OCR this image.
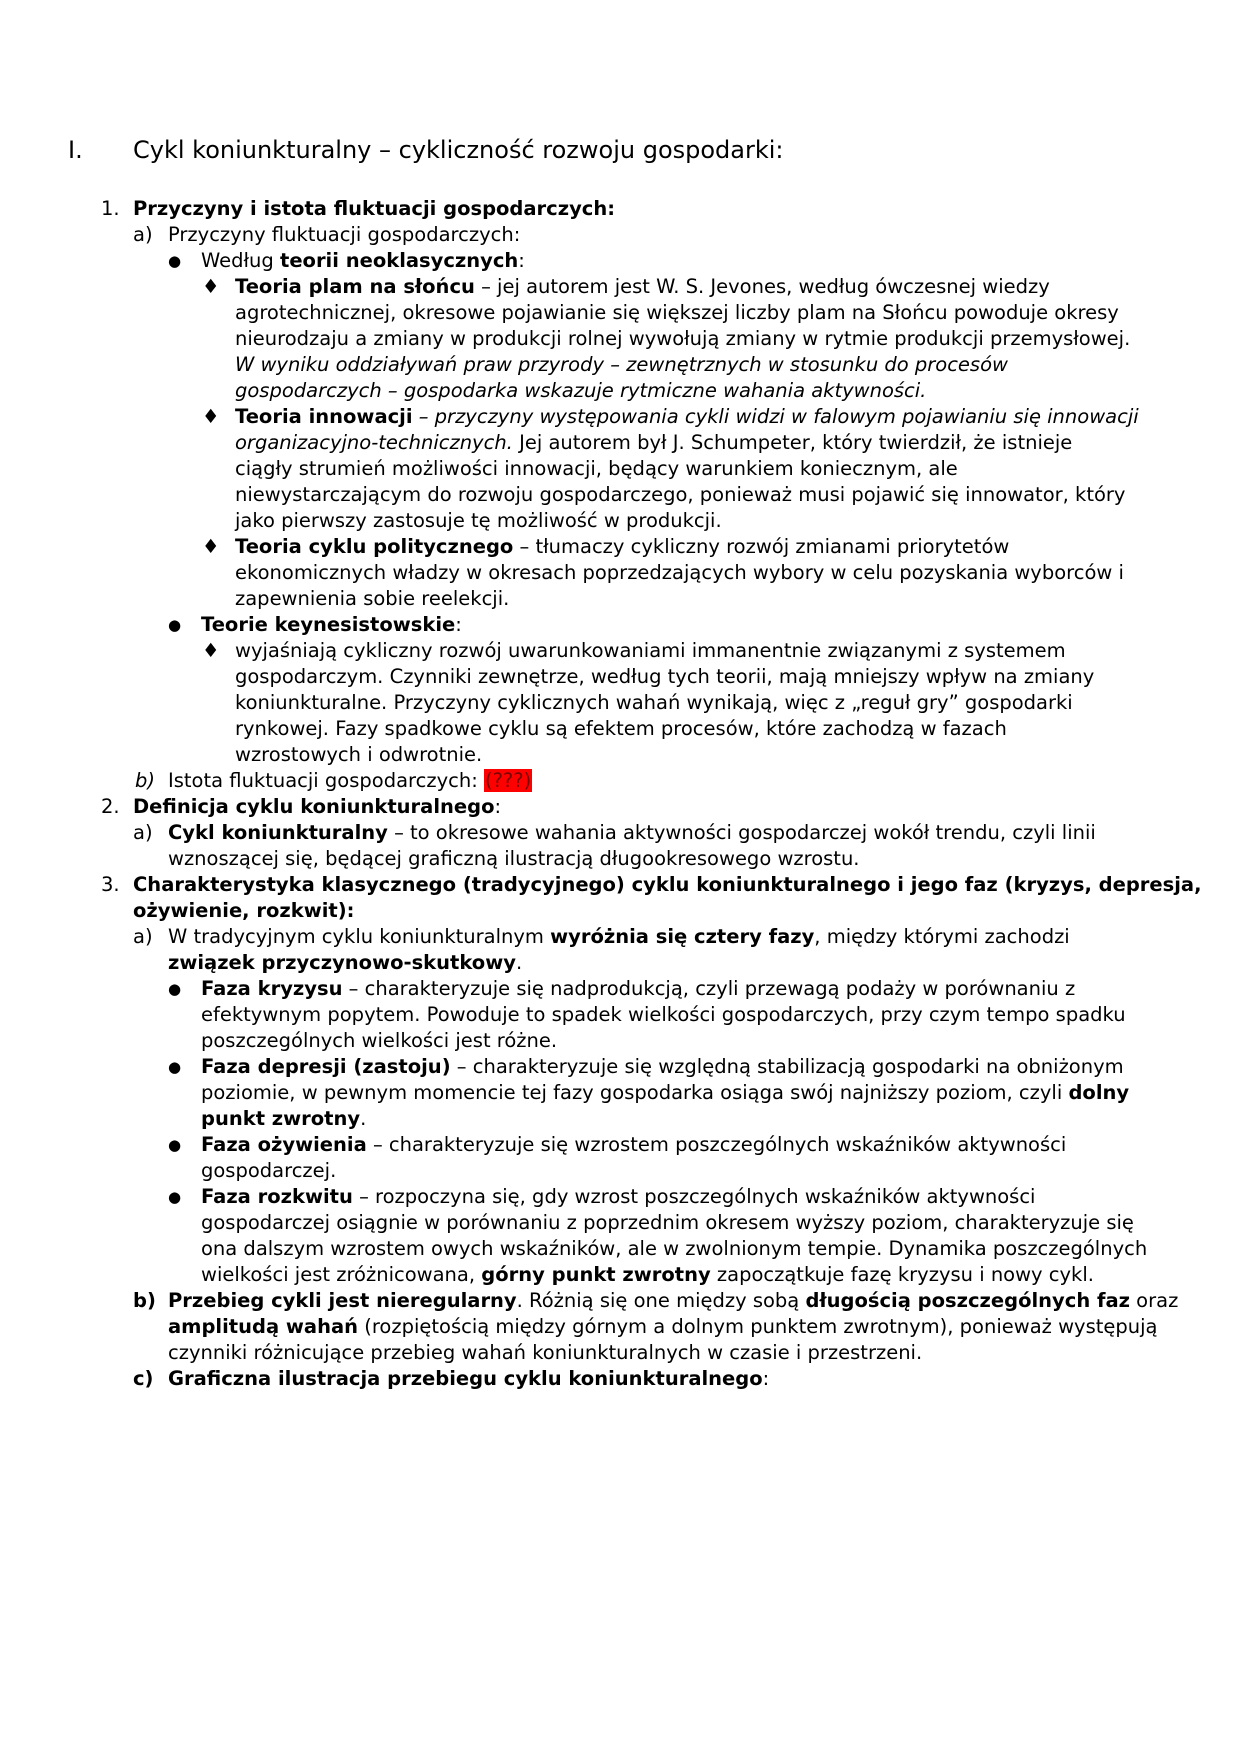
I. Cykl koniunkturalny – cykliczność rozwoju gospodarki:
1. Przyczyny i istota fluktuacji gospodarczych:
a) Przyczyny fluktuacji gospodarczych:
● Według teorii neoklasycznych:
♦ Teoria plam na słońcu – jej autorem jest W. S. Jevones, według ówczesnej wiedzy
agrotechnicznej, okresowe pojawianie się większej liczby plam na Słońcu powoduje okresy
nieurodzaju a zmiany w produkcji rolnej wywołują zmiany w rytmie produkcji przemysłowej.
W wyniku oddziaływań praw przyrody – zewnętrznych w stosunku do procesów
gospodarczych – gospodarka wskazuje rytmiczne wahania aktywności.
♦ Teoria innowacji – przyczyny występowania cykli widzi w falowym pojawianiu się innowacji
organizacyjno-technicznych. Jej autorem był J. Schumpeter, który twierdził, że istnieje
ciągły strumień możliwości innowacji, będący warunkiem koniecznym, ale
niewystarczającym do rozwoju gospodarczego, ponieważ musi pojawić się innowator, który
jako pierwszy zastosuje tę możliwość w produkcji.
♦ Teoria cyklu politycznego – tłumaczy cykliczny rozwój zmianami priorytetów
ekonomicznych władzy w okresach poprzedzających wybory w celu pozyskania wyborców i
zapewnienia sobie reelekcji.
● Teorie keynesistowskie:
♦ wyjaśniają cykliczny rozwój uwarunkowaniami immanentnie związanymi z systemem
gospodarczym. Czynniki zewnętrze, według tych teorii, mają mniejszy wpływ na zmiany
koniunkturalne. Przyczyny cyklicznych wahań wynikają, więc z „reguł gry” gospodarki
rynkowej. Fazy spadkowe cyklu są efektem procesów, które zachodzą w fazach
wzrostowych i odwrotnie.
b) Istota fluktuacji gospodarczych: (???)
2. Definicja cyklu koniunkturalnego:
a) Cykl koniunkturalny – to okresowe wahania aktywności gospodarczej wokół trendu, czyli linii
wznoszącej się, będącej graficzną ilustracją długookresowego wzrostu.
3. Charakterystyka klasycznego (tradycyjnego) cyklu koniunkturalnego i jego faz (kryzys, depresja,
ożywienie, rozkwit):
a) W tradycyjnym cyklu koniunkturalnym wyróżnia się cztery fazy, między którymi zachodzi
związek przyczynowo-skutkowy.
● Faza kryzysu – charakteryzuje się nadprodukcją, czyli przewagą podaży w porównaniu z
efektywnym popytem. Powoduje to spadek wielkości gospodarczych, przy czym tempo spadku
poszczególnych wielkości jest różne.
● Faza depresji (zastoju) – charakteryzuje się względną stabilizacją gospodarki na obniżonym
poziomie, w pewnym momencie tej fazy gospodarka osiąga swój najniższy poziom, czyli dolny
punkt zwrotny.
● Faza ożywienia – charakteryzuje się wzrostem poszczególnych wskaźników aktywności
gospodarczej.
● Faza rozkwitu – rozpoczyna się, gdy wzrost poszczególnych wskaźników aktywności
gospodarczej osiągnie w porównaniu z poprzednim okresem wyższy poziom, charakteryzuje się
ona dalszym wzrostem owych wskaźników, ale w zwolnionym tempie. Dynamika poszczególnych
wielkości jest zróżnicowana, górny punkt zwrotny zapoczątkuje fazę kryzysu i nowy cykl.
b) Przebieg cykli jest nieregularny. Różnią się one między sobą długością poszczególnych faz oraz
amplitudą wahań (rozpiętością między górnym a dolnym punktem zwrotnym), ponieważ występują
czynniki różnicujące przebieg wahań koniunkturalnych w czasie i przestrzeni.
c) Graficzna ilustracja przebiegu cyklu koniunkturalnego:
